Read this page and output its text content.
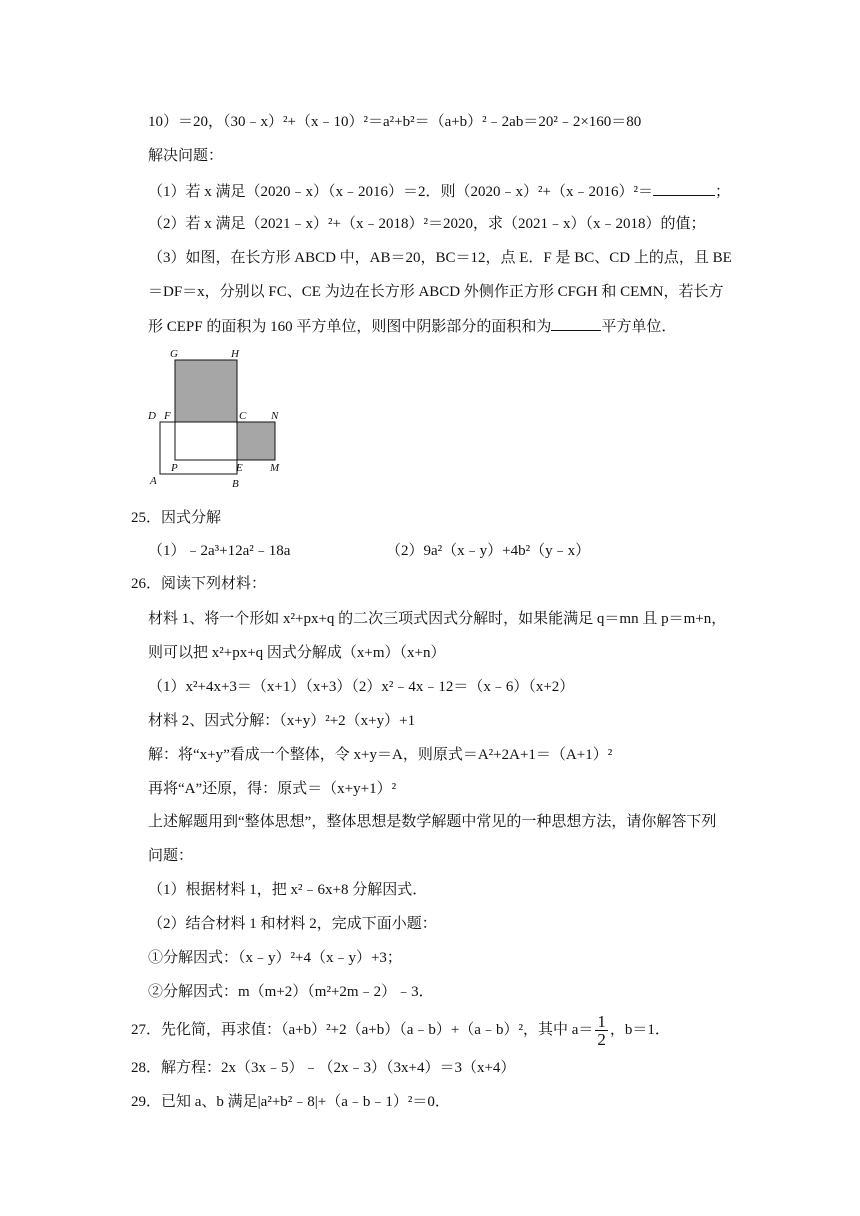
10）＝20，（30﹣x）²+（x﹣10）²＝a²+b²＝（a+b）²﹣2ab＝20²﹣2×160＝80
解决问题：
（1）若 x 满足（2020﹣x）（x﹣2016）＝2．则（2020﹣x）²+（x﹣2016）²＝	；
（2）若 x 满足（2021﹣x）²+（x﹣2018）²＝2020，求（2021﹣x）（x﹣2018）的值；
（3）如图，在长方形 ABCD 中，AB＝20，BC＝12，点 E．F 是 BC、CD 上的点，且 BE
＝DF＝x，分别以 FC、CE 为边在长方形 ABCD 外侧作正方形 CFGH 和 CEMN，若长方
形 CEPF 的面积为 160 平方单位，则图中阴影部分的面积和为	平方单位．
G	H
D F	C N
P	E M
A	B
25．因式分解
（1）﹣2a³+12a²﹣18a	（2）9a²（x﹣y）+4b²（y﹣x）
26．阅读下列材料：
材料 1、将一个形如 x²+px+q 的二次三项式因式分解时，如果能满足 q＝mn 且 p＝m+n，
则可以把 x²+px+q 因式分解成（x+m）（x+n）
（1）x²+4x+3＝（x+1）（x+3）（2）x²﹣4x﹣12＝（x﹣6）（x+2）
材料 2、因式分解：（x+y）²+2（x+y）+1
解：将“x+y”看成一个整体，令 x+y＝A，则原式＝A²+2A+1＝（A+1）²
再将“A”还原，得：原式＝（x+y+1）²
上述解题用到“整体思想”，整体思想是数学解题中常见的一种思想方法，请你解答下列
问题：
（1）根据材料 1，把 x²﹣6x+8 分解因式．
（2）结合材料 1 和材料 2，完成下面小题：
①分解因式：（x﹣y）²+4（x﹣y）+3；
②分解因式：m（m+2）（m²+2m﹣2）﹣3．
27．先化简，再求值：（a+b）²+2（a+b）（a﹣b）+（a﹣b）²，其中 $a= \frac{1}{2}$ ，b＝1．
28．解方程：2x（3x﹣5）﹣（2x﹣3）（3x+4）＝3（x+4）
29．已知 a、b 满足|a²+b²﹣8|+（a﹣b﹣1）²＝0．
